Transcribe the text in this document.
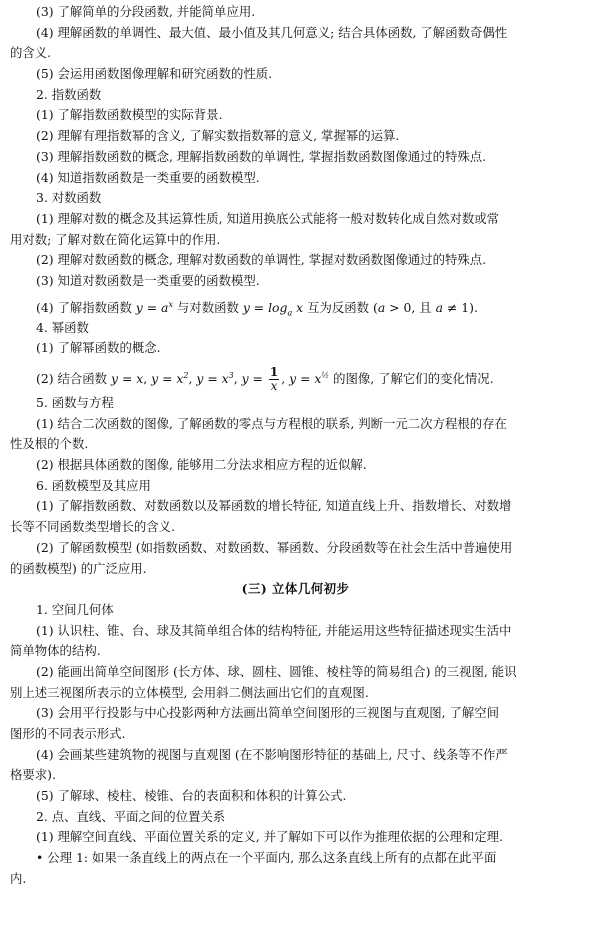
(3) 了解简单的分段函数, 并能简单应用.
(4) 理解函数的单调性、最大值、最小值及其几何意义; 结合具体函数, 了解函数奇偶性
的含义.
(5) 会运用函数图像理解和研究函数的性质.
2. 指数函数
(1) 了解指数函数模型的实际背景.
(2) 理解有理指数幂的含义, 了解实数指数幂的意义, 掌握幂的运算.
(3) 理解指数函数的概念, 理解指数函数的单调性, 掌握指数函数图像通过的特殊点.
(4) 知道指数函数是一类重要的函数模型.
3. 对数函数
(1) 理解对数的概念及其运算性质, 知道用换底公式能将一般对数转化成自然对数或常
用对数; 了解对数在简化运算中的作用.
(2) 理解对数函数的概念, 理解对数函数的单调性, 掌握对数函数图像通过的特殊点.
(3) 知道对数函数是一类重要的函数模型.
(4) 了解指数函数 $y = a^x$ 与对数函数 $y = \log_a x$ 互为反函数 (a > 0, 且 a ≠ 1).
4. 幂函数
(1) 了解幂函数的概念.
(2) 结合函数 y = x, $y = x^2$, $y = x^3$, $y = \frac{1}{x}$ , $y = x^{\frac{1}{2}}$ 的图像, 了解它们的变化情况.
5. 函数与方程
(1) 结合二次函数的图像, 了解函数的零点与方程根的联系, 判断一元二次方程根的存在
性及根的个数.
(2) 根据具体函数的图像, 能够用二分法求相应方程的近似解.
6. 函数模型及其应用
(1) 了解指数函数、对数函数以及幂函数的增长特征, 知道直线上升、指数增长、对数增
长等不同函数类型增长的含义.
(2) 了解函数模型 (如指数函数、对数函数、幂函数、分段函数等在社会生活中普遍使用
的函数模型) 的广泛应用.
(三) 立体几何初步
1. 空间几何体
(1) 认识柱、锥、台、球及其简单组合体的结构特征, 并能运用这些特征描述现实生活中
简单物体的结构.
(2) 能画出简单空间图形 (长方体、球、圆柱、圆锥、棱柱等的简易组合) 的三视图, 能识
别上述三视图所表示的立体模型, 会用斜二侧法画出它们的直观图.
(3) 会用平行投影与中心投影两种方法画出简单空间图形的三视图与直观图, 了解空间
图形的不同表示形式.
(4) 会画某些建筑物的视图与直观图 (在不影响图形特征的基础上, 尺寸、线条等不作严
格要求).
(5) 了解球、棱柱、棱锥、台的表面积和体积的计算公式.
2. 点、直线、平面之间的位置关系
(1) 理解空间直线、平面位置关系的定义, 并了解如下可以作为推理依据的公理和定理.
• 公理 1: 如果一条直线上的两点在一个平面内, 那么这条直线上所有的点都在此平面
内.
